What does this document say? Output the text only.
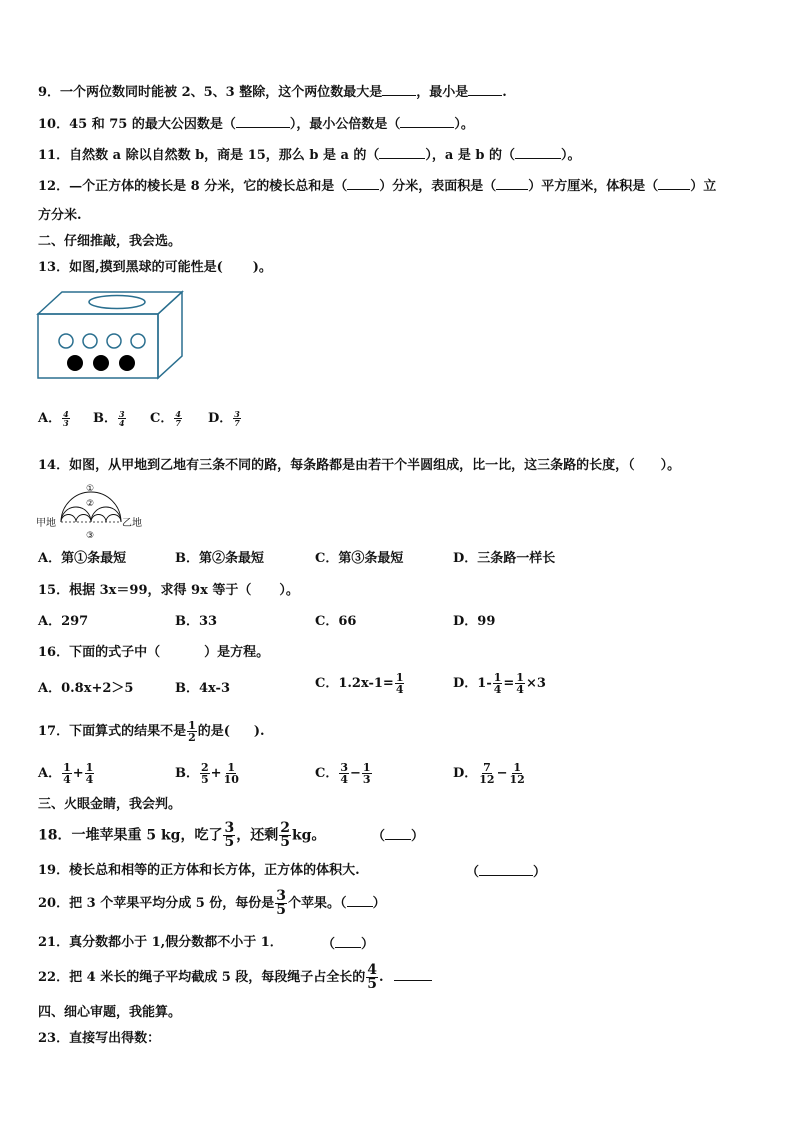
9．一个两位数同时能被 2、5、3 整除，这个两位数最大是	，最小是	.
10．45 和 75 的最大公因数是（	），最小公倍数是（	）。
11．自然数 a 除以自然数 b，商是 15，那么 b 是 a 的（	），a 是 b 的（	）。
12．—个正方体的棱长是 8 分米，它的棱长总和是（ ）分米，表面积是（ ）平方厘米，体积是（ ）立
方分米.
二、仔细推敲，我会选。
13．如图,摸到黑球的可能性是( )。
A． $\frac{4}{3}$ B． $\frac{3}{4}$ C． $\frac{4}{7}$ D． $\frac{3}{7}$
14．如图，从甲地到乙地有三条不同的路，每条路都是由若干个半圆组成，比一比，这三条路的长度，（ ）。
甲地	乙地
①
②
③
A．第①条最短	B．第②条最短	C．第③条最短	D．三条路一样长
15．根据 3x＝99，求得 9x 等于（ ）。
A．297	B．33	C．66	D．99
16．下面的式子中（	）是方程。
A．0.8x+2＞5	B．4x-3	C．$1.2x-1= \frac{1}{4}$	D．$1- \frac{1}{4} = \frac{1}{4} \times 3$
17．下面算式的结果不是 $\frac{1}{2}$ 的是( ).
A． $\frac{1}{4} + \frac{1}{4}$	B． $\frac{2}{5} + \frac{1}{10}$	C． $\frac{3}{4} - \frac{1}{3}$	D． $\frac{7}{12} - \frac{1}{12}$
三、火眼金睛，我会判。
18．一堆苹果重 5 kg，吃了 $\frac{3}{5}$ ，还剩 $\frac{2}{5}$ kg。	（ ）
19．棱长总和相等的正方体和长方体，正方体的体积大.	（	）
20．把 3 个苹果平均分成 5 份，每份是 $\frac{3}{5}$ 个苹果。（ ）
21．真分数都小于 1,假分数都不小于 1．	（ ）
22．把 4 米长的绳子平均截成 5 段，每段绳子占全长的 $\frac{4}{5}$ .
四、细心审题，我能算。
23．直接写出得数：
